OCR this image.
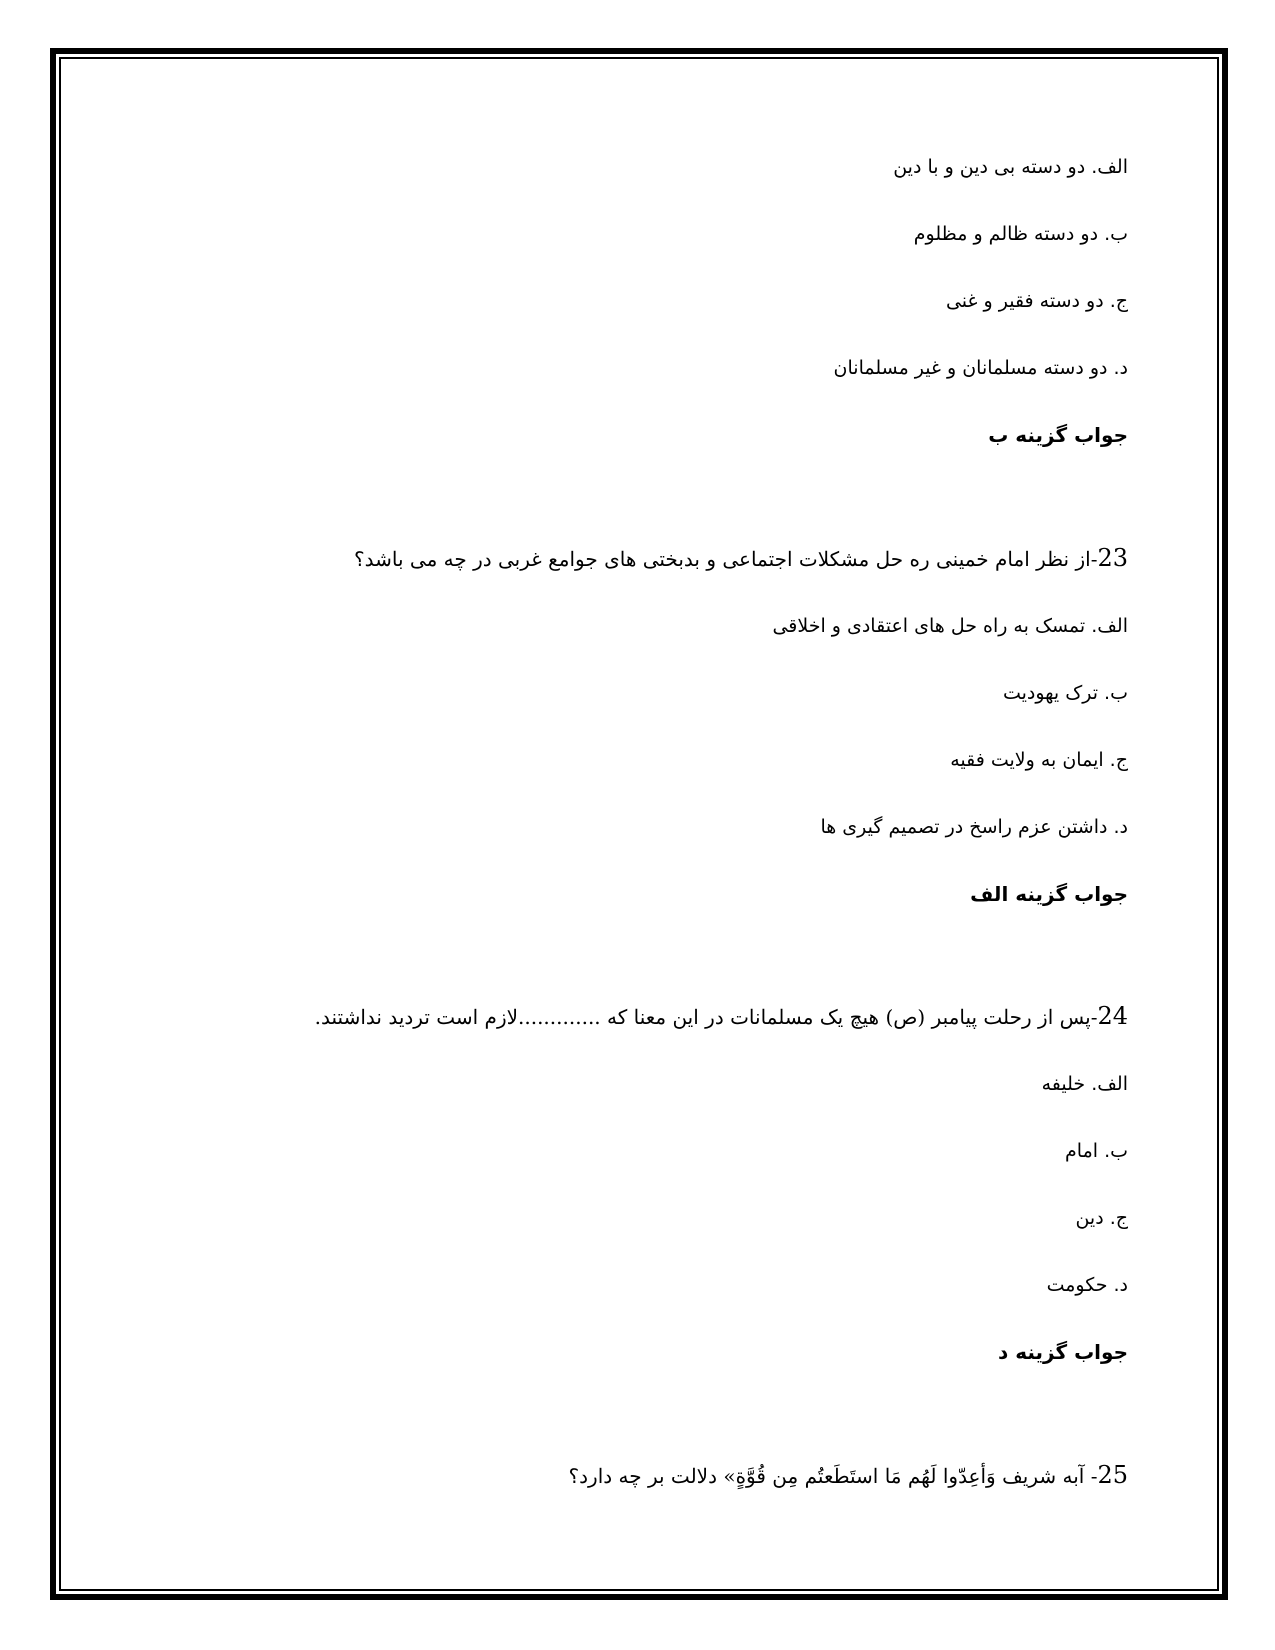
الف. دو دسته بی دین و با دین
ب. دو دسته ظالم و مظلوم
ج. دو دسته فقیر و غنی
د. دو دسته مسلمانان و غیر مسلمانان
جواب گزینه ب
23-از نظر امام خمینی ره حل مشکلات اجتماعی و بدبختی های جوامع غربی در چه می باشد؟
الف. تمسک به راه حل های اعتقادی و اخلاقی
ب. ترک یهودیت
ج. ایمان به ولایت فقیه
د. داشتن عزم راسخ در تصمیم گیری ها
جواب گزینه الف
24-پس از رحلت پیامبر (ص) هیچ یک مسلمانات در این معنا که .............لازم است تردید نداشتند.
الف. خلیفه
ب. امام
ج. دین
د. حکومت
جواب گزینه د
25- آبه شریف وَأعِدّوا لَهُم مَا استَطَعتُم مِن قُوَّةٍ» دلالت بر چه دارد؟
